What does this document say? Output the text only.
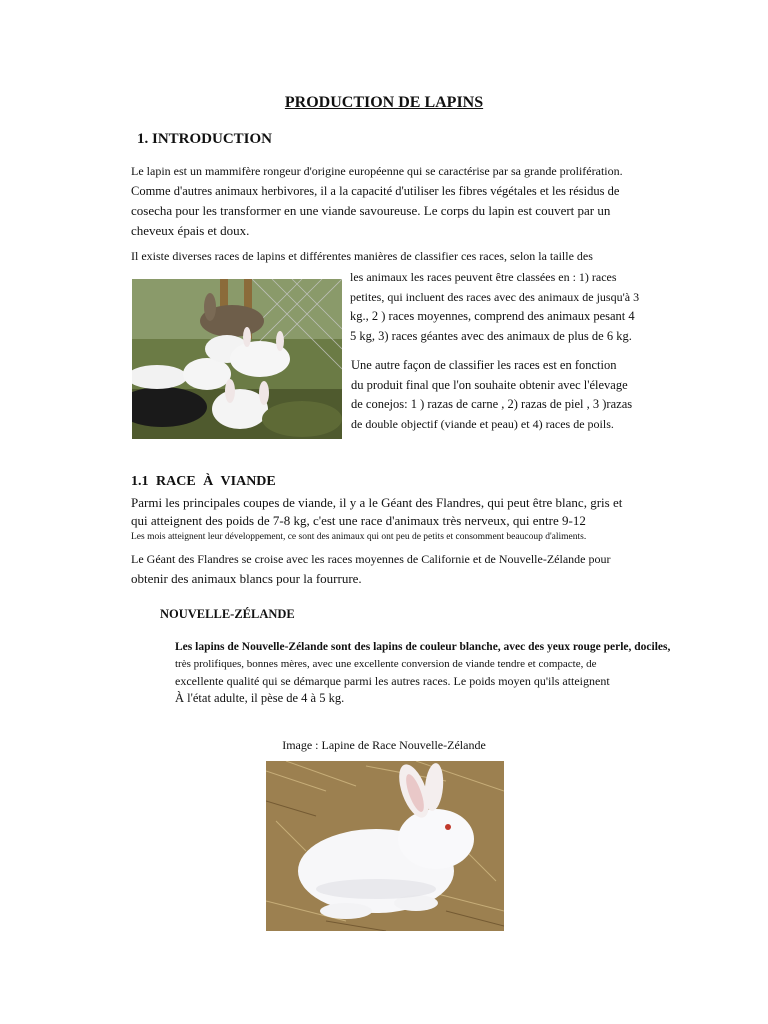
PRODUCTION DE LAPINS
1. INTRODUCTION
Le lapin est un mammifère rongeur d'origine européenne qui se caractérise par sa grande prolifération.
Comme d'autres animaux herbivores, il a la capacité d'utiliser les fibres végétales et les résidus de
cosecha pour les transformer en une viande savoureuse. Le corps du lapin est couvert par un
cheveux épais et doux.
Il existe diverses races de lapins et différentes manières de classifier ces races, selon la taille des
les animaux les races peuvent être classées en : 1) races
petites, qui incluent des races avec des animaux de jusqu'à 3
kg., 2 ) races moyennes, comprend des animaux pesant 4
5 kg, 3) races géantes avec des animaux de plus de 6 kg.
Une autre façon de classifier les races est en fonction
du produit final que l'on souhaite obtenir avec l'élevage
de conejos: 1 ) razas de carne , 2) razas de piel , 3 )razas
de double objectif (viande et peau) et 4) races de poils.
1.1 RACE À VIANDE
Parmi les principales coupes de viande, il y a le Géant des Flandres, qui peut être blanc, gris et
qui atteignent des poids de 7-8 kg, c'est une race d'animaux très nerveux, qui entre 9-12
Les mois atteignent leur développement, ce sont des animaux qui ont peu de petits et consomment beaucoup d'aliments.
Le Géant des Flandres se croise avec les races moyennes de Californie et de Nouvelle-Zélande pour
obtenir des animaux blancs pour la fourrure.
NOUVELLE-ZÉLANDE
Les lapins de Nouvelle-Zélande sont des lapins de couleur blanche, avec des yeux rouge perle, dociles,
très prolifiques, bonnes mères, avec une excellente conversion de viande tendre et compacte, de
excellente qualité qui se démarque parmi les autres races. Le poids moyen qu'ils atteignent
À l'état adulte, il pèse de 4 à 5 kg.
Image : Lapine de Race Nouvelle-Zélande
